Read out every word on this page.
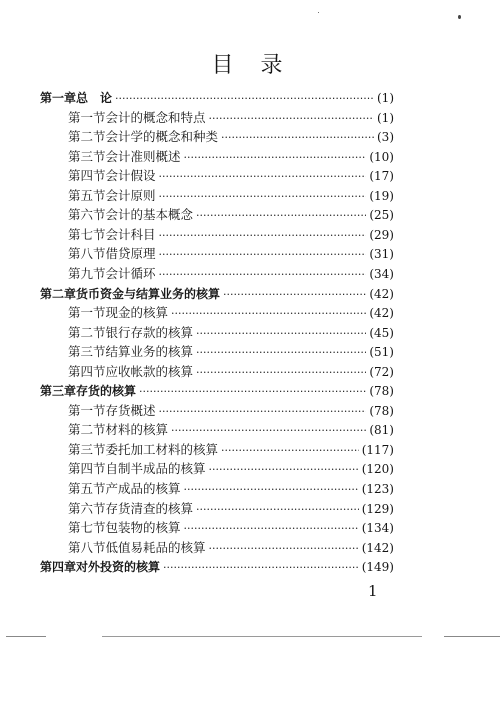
目 录
第一章 总　论 ·····	(1)
第一节 会计的概念和特点 ·····	(1)
第二节 会计学的概念和种类 ·····	(3)
第三节 会计准则概述 ·····	(10)
第四节 会计假设 ·····	(17)
第五节 会计原则 ·····	(19)
第六节 会计的基本概念 ·····	(25)
第七节 会计科目 ·····	(29)
第八节 借贷原理 ·····	(31)
第九节 会计循环 ·····	(34)
第二章 货币资金与结算业务的核算 ·····	(42)
第一节 现金的核算 ·····	(42)
第二节 银行存款的核算 ·····	(45)
第三节 结算业务的核算 ·····	(51)
第四节 应收帐款的核算 ·····	(72)
第三章 存货的核算 ·····	(78)
第一节 存货概述 ·····	(78)
第二节 材料的核算 ·····	(81)
第三节 委托加工材料的核算 ·····	(117)
第四节 自制半成品的核算 ·····	(120)
第五节 产成品的核算 ·····	(123)
第六节 存货清查的核算 ·····	(129)
第七节 包装物的核算 ·····	(134)
第八节 低值易耗品的核算 ·····	(142)
第四章 对外投资的核算 ·····	(149)
1
